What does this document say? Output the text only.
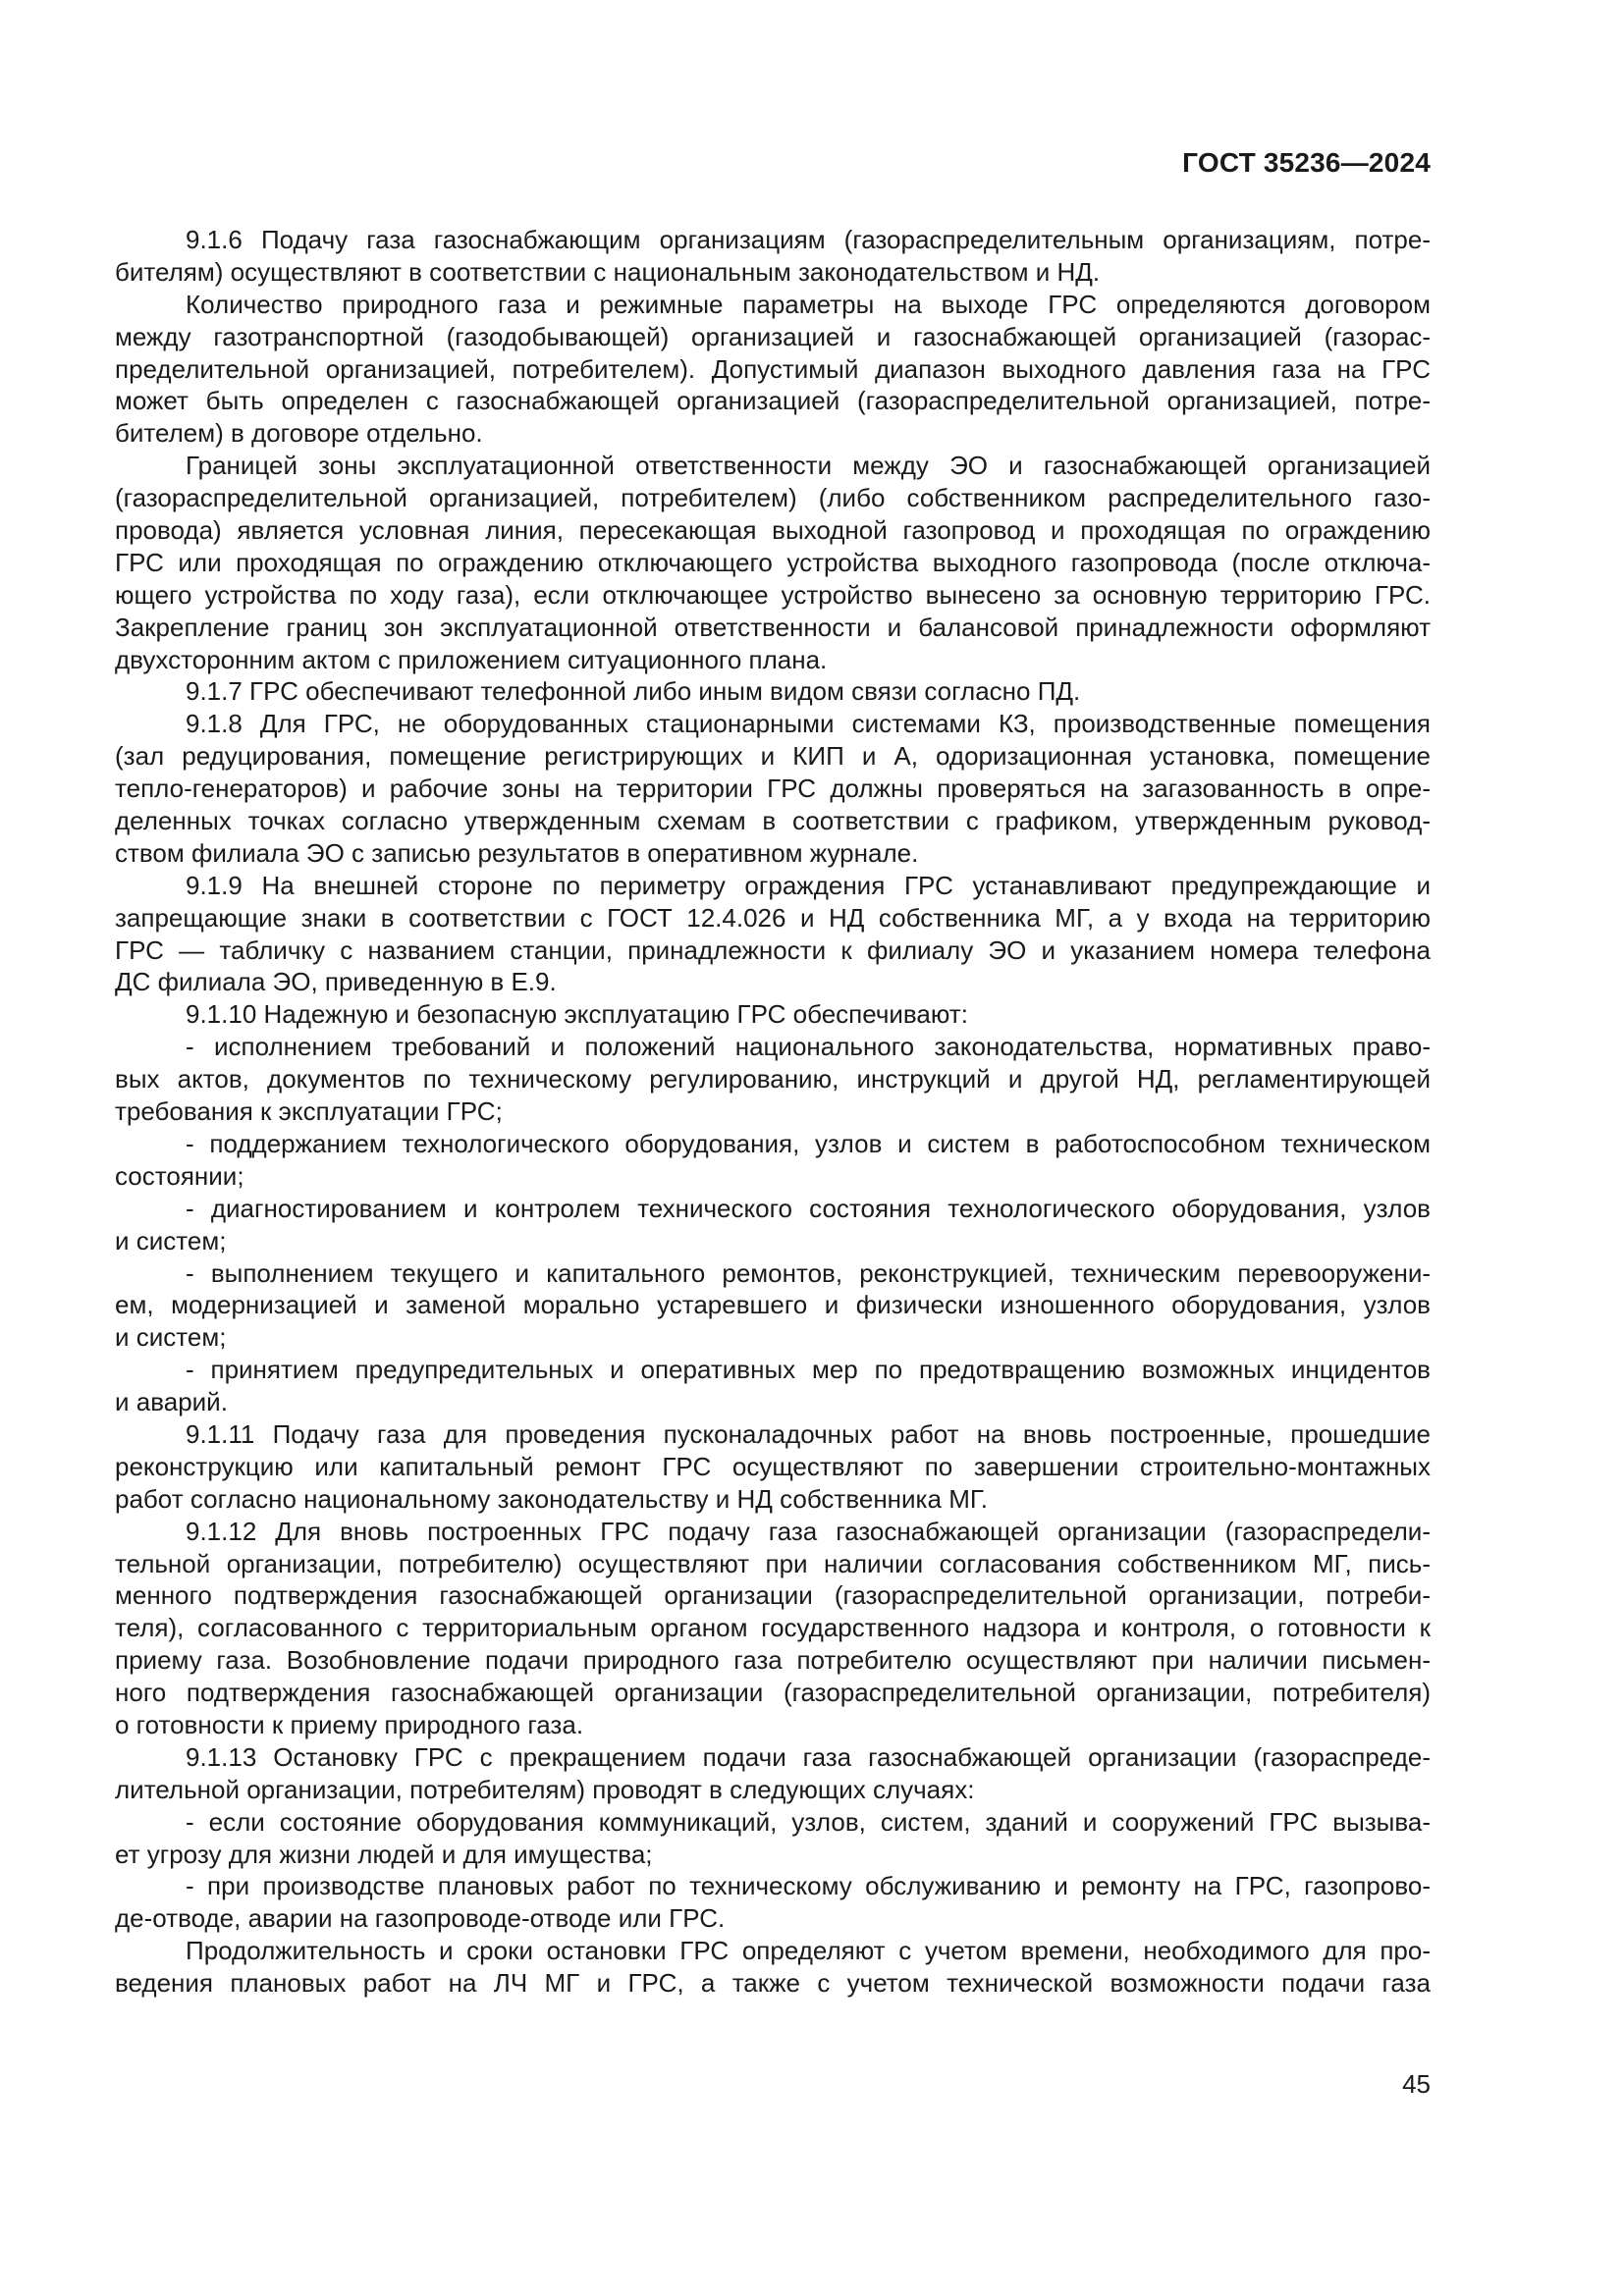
ГОСТ 35236—2024
9.1.6 Подачу газа газоснабжающим организациям (газораспределительным организациям, потре-
бителям) осуществляют в соответствии с национальным законодательством и НД.
Количество природного газа и режимные параметры на выходе ГРС определяются договором
между газотранспортной (газодобывающей) организацией и газоснабжающей организацией (газорас-
пределительной организацией, потребителем). Допустимый диапазон выходного давления газа на ГРС
может быть определен с газоснабжающей организацией (газораспределительной организацией, потре-
бителем) в договоре отдельно.
Границей зоны эксплуатационной ответственности между ЭО и газоснабжающей организацией
(газораспределительной организацией, потребителем) (либо собственником распределительного газо-
провода) является условная линия, пересекающая выходной газопровод и проходящая по ограждению
ГРС или проходящая по ограждению отключающего устройства выходного газопровода (после отключа-
ющего устройства по ходу газа), если отключающее устройство вынесено за основную территорию ГРС.
Закрепление границ зон эксплуатационной ответственности и балансовой принадлежности оформляют
двухсторонним актом с приложением ситуационного плана.
9.1.7 ГРС обеспечивают телефонной либо иным видом связи согласно ПД.
9.1.8 Для ГРС, не оборудованных стационарными системами КЗ, производственные помещения
(зал редуцирования, помещение регистрирующих и КИП и А, одоризационная установка, помещение
тепло-генераторов) и рабочие зоны на территории ГРС должны проверяться на загазованность в опре-
деленных точках согласно утвержденным схемам в соответствии с графиком, утвержденным руковод-
ством филиала ЭО с записью результатов в оперативном журнале.
9.1.9 На внешней стороне по периметру ограждения ГРС устанавливают предупреждающие и
запрещающие знаки в соответствии с ГОСТ 12.4.026 и НД собственника МГ, а у входа на территорию
ГРС — табличку с названием станции, принадлежности к филиалу ЭО и указанием номера телефона
ДС филиала ЭО, приведенную в Е.9.
9.1.10 Надежную и безопасную эксплуатацию ГРС обеспечивают:
- исполнением требований и положений национального законодательства, нормативных право-
вых актов, документов по техническому регулированию, инструкций и другой НД, регламентирующей
требования к эксплуатации ГРС;
- поддержанием технологического оборудования, узлов и систем в работоспособном техническом
состоянии;
- диагностированием и контролем технического состояния технологического оборудования, узлов
и систем;
- выполнением текущего и капитального ремонтов, реконструкцией, техническим перевооружени-
ем, модернизацией и заменой морально устаревшего и физически изношенного оборудования, узлов
и систем;
- принятием предупредительных и оперативных мер по предотвращению возможных инцидентов
и аварий.
9.1.11 Подачу газа для проведения пусконаладочных работ на вновь построенные, прошедшие
реконструкцию или капитальный ремонт ГРС осуществляют по завершении строительно-монтажных
работ согласно национальному законодательству и НД собственника МГ.
9.1.12 Для вновь построенных ГРС подачу газа газоснабжающей организации (газораспредели-
тельной организации, потребителю) осуществляют при наличии согласования собственником МГ, пись-
менного подтверждения газоснабжающей организации (газораспределительной организации, потреби-
теля), согласованного с территориальным органом государственного надзора и контроля, о готовности к
приему газа. Возобновление подачи природного газа потребителю осуществляют при наличии письмен-
ного подтверждения газоснабжающей организации (газораспределительной организации, потребителя)
о готовности к приему природного газа.
9.1.13 Остановку ГРС с прекращением подачи газа газоснабжающей организации (газораспреде-
лительной организации, потребителям) проводят в следующих случаях:
- если состояние оборудования коммуникаций, узлов, систем, зданий и сооружений ГРС вызыва-
ет угрозу для жизни людей и для имущества;
- при производстве плановых работ по техническому обслуживанию и ремонту на ГРС, газопрово-
де-отводе, аварии на газопроводе-отводе или ГРС.
Продолжительность и сроки остановки ГРС определяют с учетом времени, необходимого для про-
ведения плановых работ на ЛЧ МГ и ГРС, а также с учетом технической возможности подачи газа
45
